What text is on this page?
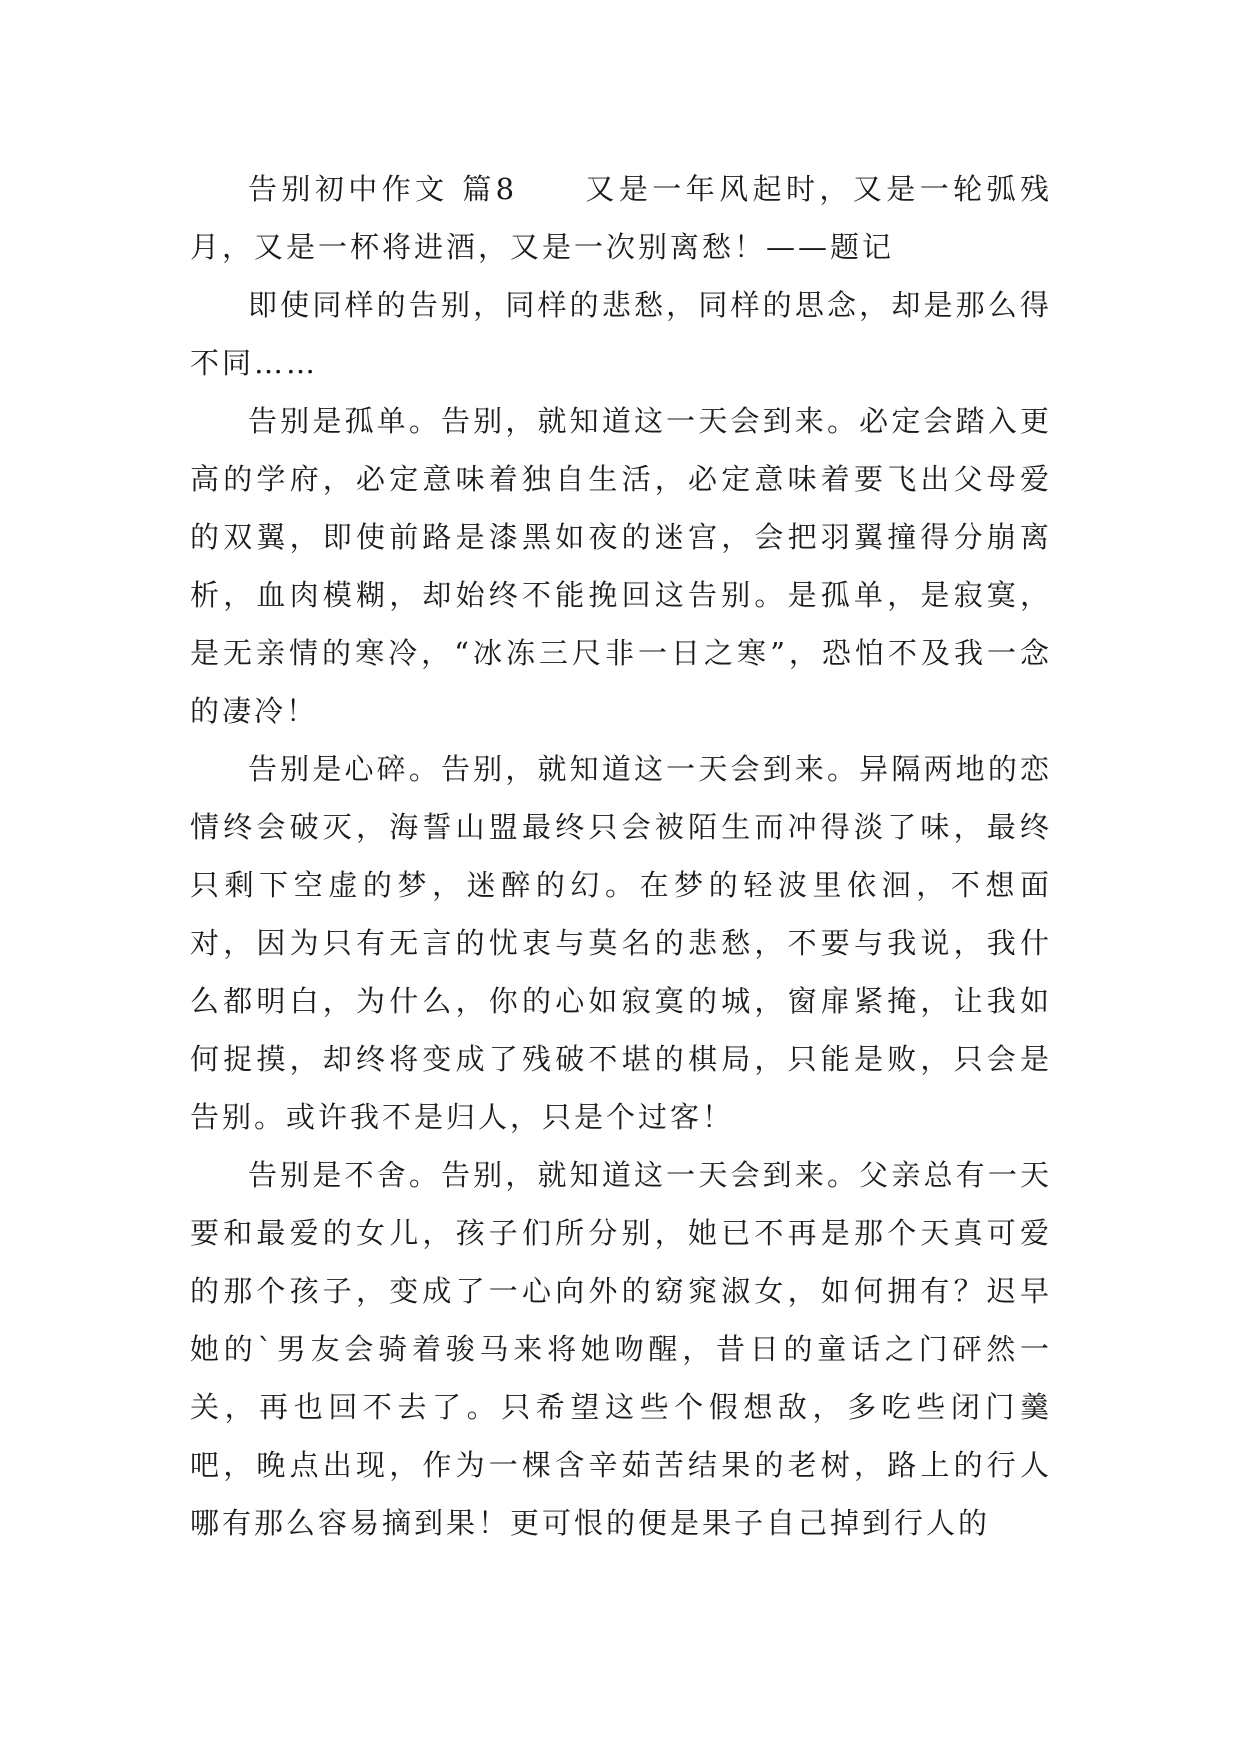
告别初中作文 篇8　　又是一年风起时，又是一轮弧残月，又是一杯将进酒，又是一次别离愁！——题记

即使同样的告别，同样的悲愁，同样的思念，却是那么得不同……

告别是孤单。告别，就知道这一天会到来。必定会踏入更高的学府，必定意味着独自生活，必定意味着要飞出父母爱的双翼，即使前路是漆黑如夜的迷宫，会把羽翼撞得分崩离析，血肉模糊，却始终不能挽回这告别。是孤单，是寂寞，是无亲情的寒冷，“冰冻三尺非一日之寒”，恐怕不及我一念的凄冷！

告别是心碎。告别，就知道这一天会到来。异隔两地的恋情终会破灭，海誓山盟最终只会被陌生而冲得淡了味，最终只剩下空虚的梦，迷醉的幻。在梦的轻波里依洄，不想面对，因为只有无言的忧衷与莫名的悲愁，不要与我说，我什么都明白，为什么，你的心如寂寞的城，窗扉紧掩，让我如何捉摸，却终将变成了残破不堪的棋局，只能是败，只会是告别。或许我不是归人，只是个过客！

告别是不舍。告别，就知道这一天会到来。父亲总有一天要和最爱的女儿，孩子们所分别，她已不再是那个天真可爱的那个孩子，变成了一心向外的窈窕淑女，如何拥有？迟早她的`男友会骑着骏马来将她吻醒，昔日的童话之门砰然一关，再也回不去了。只希望这些个假想敌，多吃些闭门羹吧，晚点出现，作为一棵含辛茹苦结果的老树，路上的行人哪有那么容易摘到果！更可恨的便是果子自己掉到行人的
